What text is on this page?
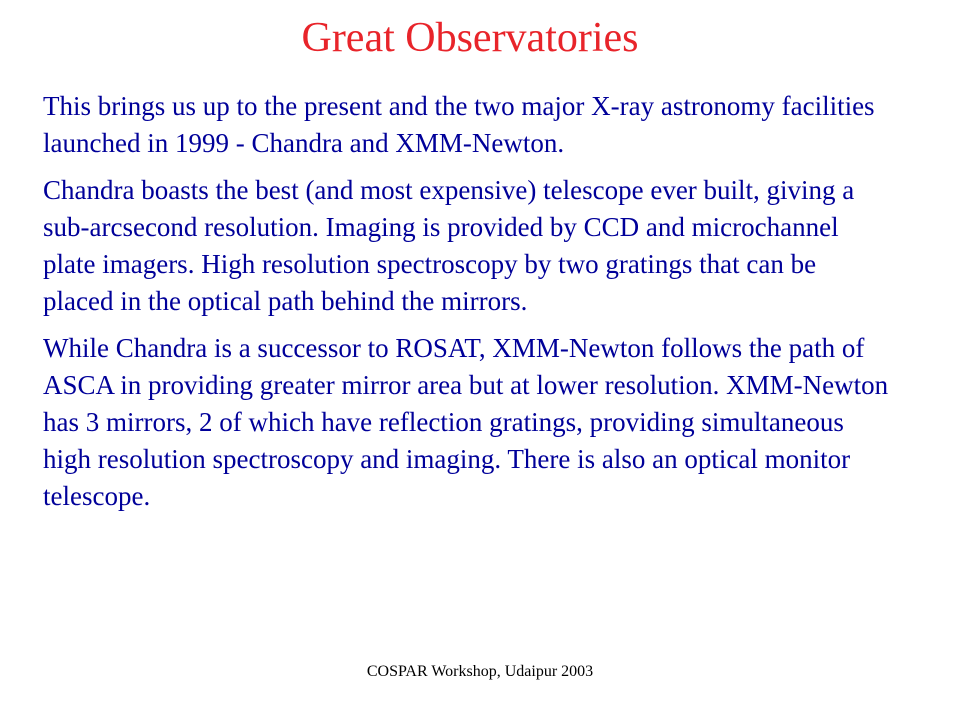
Great Observatories

This brings us up to the present and the two major X-ray astronomy facilities launched in 1999 - Chandra and XMM-Newton.

Chandra boasts the best (and most expensive) telescope ever built, giving a sub-arcsecond resolution. Imaging is provided by CCD and microchannel plate imagers. High resolution spectroscopy by two gratings that can be placed in the optical path behind the mirrors.

While Chandra is a successor to ROSAT, XMM-Newton follows the path of ASCA in providing greater mirror area but at lower resolution. XMM-Newton has 3 mirrors, 2 of which have reflection gratings, providing simultaneous high resolution spectroscopy and imaging. There is also an optical monitor telescope.

COSPAR Workshop, Udaipur 2003
